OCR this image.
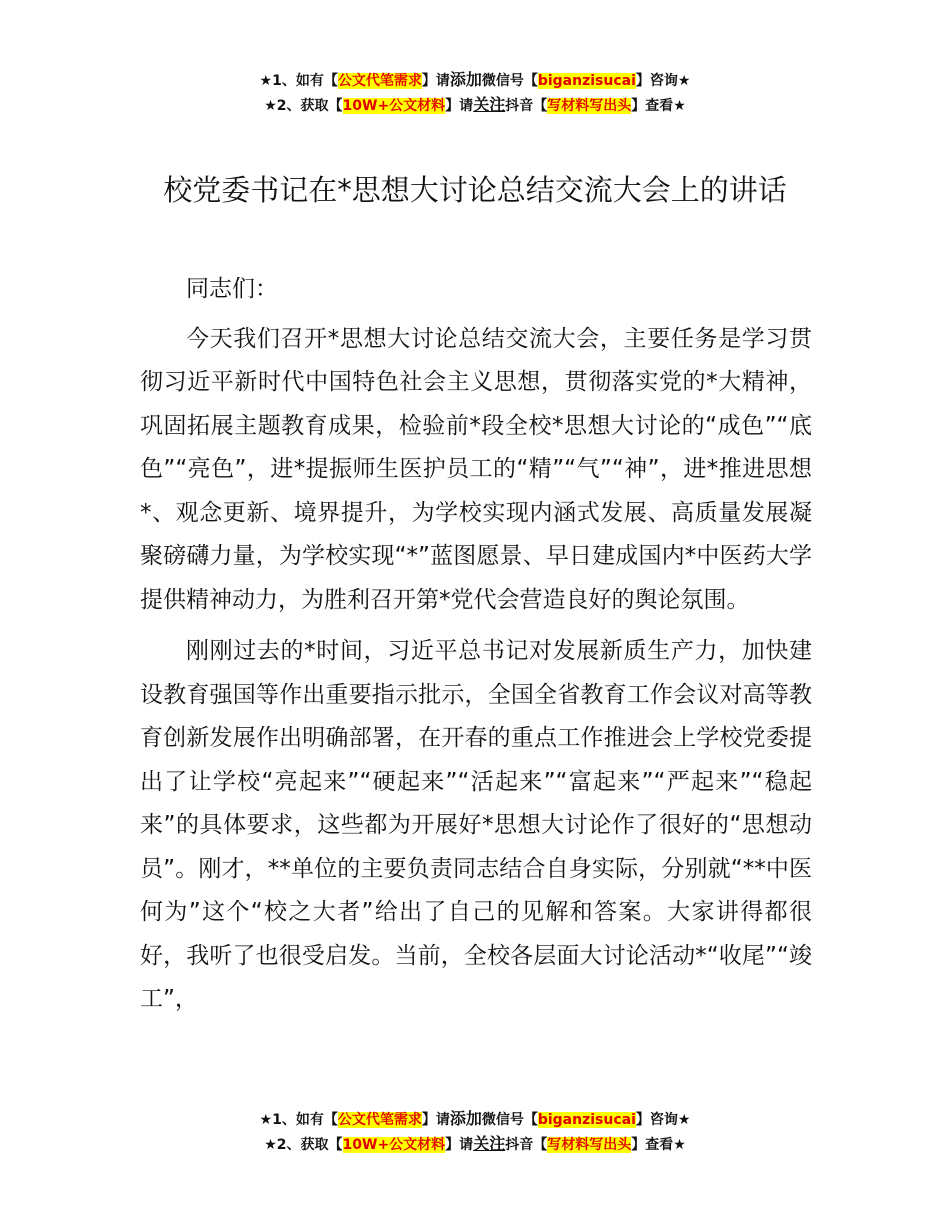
★1、如有【公文代笔需求】请添加微信号【biganzisucai】咨询★
★2、获取【10W+公文材料】请关注抖音【写材料写出头】查看★
校党委书记在*思想大讨论总结交流大会上的讲话

同志们：

今天我们召开*思想大讨论总结交流大会，主要任务是学习贯彻习近平新时代中国特色社会主义思想，贯彻落实党的*大精神，巩固拓展主题教育成果，检验前*段全校*思想大讨论的“成色”“底色”“亮色”，进*提振师生医护员工的“精”“气”“神”，进*推进思想*、观念更新、境界提升，为学校实现内涵式发展、高质量发展凝聚磅礴力量，为学校实现“*”蓝图愿景、早日建成国内*中医药大学提供精神动力，为胜利召开第*党代会营造良好的舆论氛围。

刚刚过去的*时间，习近平总书记对发展新质生产力，加快建设教育强国等作出重要指示批示，全国全省教育工作会议对高等教育创新发展作出明确部署，在开春的重点工作推进会上学校党委提出了让学校“亮起来”“硬起来”“活起来”“富起来”“严起来”“稳起来”的具体要求，这些都为开展好*思想大讨论作了很好的“思想动员”。刚才，**单位的主要负责同志结合自身实际，分别就“**中医何为”这个“校之大者”给出了自己的见解和答案。大家讲得都很好，我听了也很受启发。当前，全校各层面大讨论活动*“收尾”“竣工”，

★1、如有【公文代笔需求】请添加微信号【biganzisucai】咨询★
★2、获取【10W+公文材料】请关注抖音【写材料写出头】查看★
